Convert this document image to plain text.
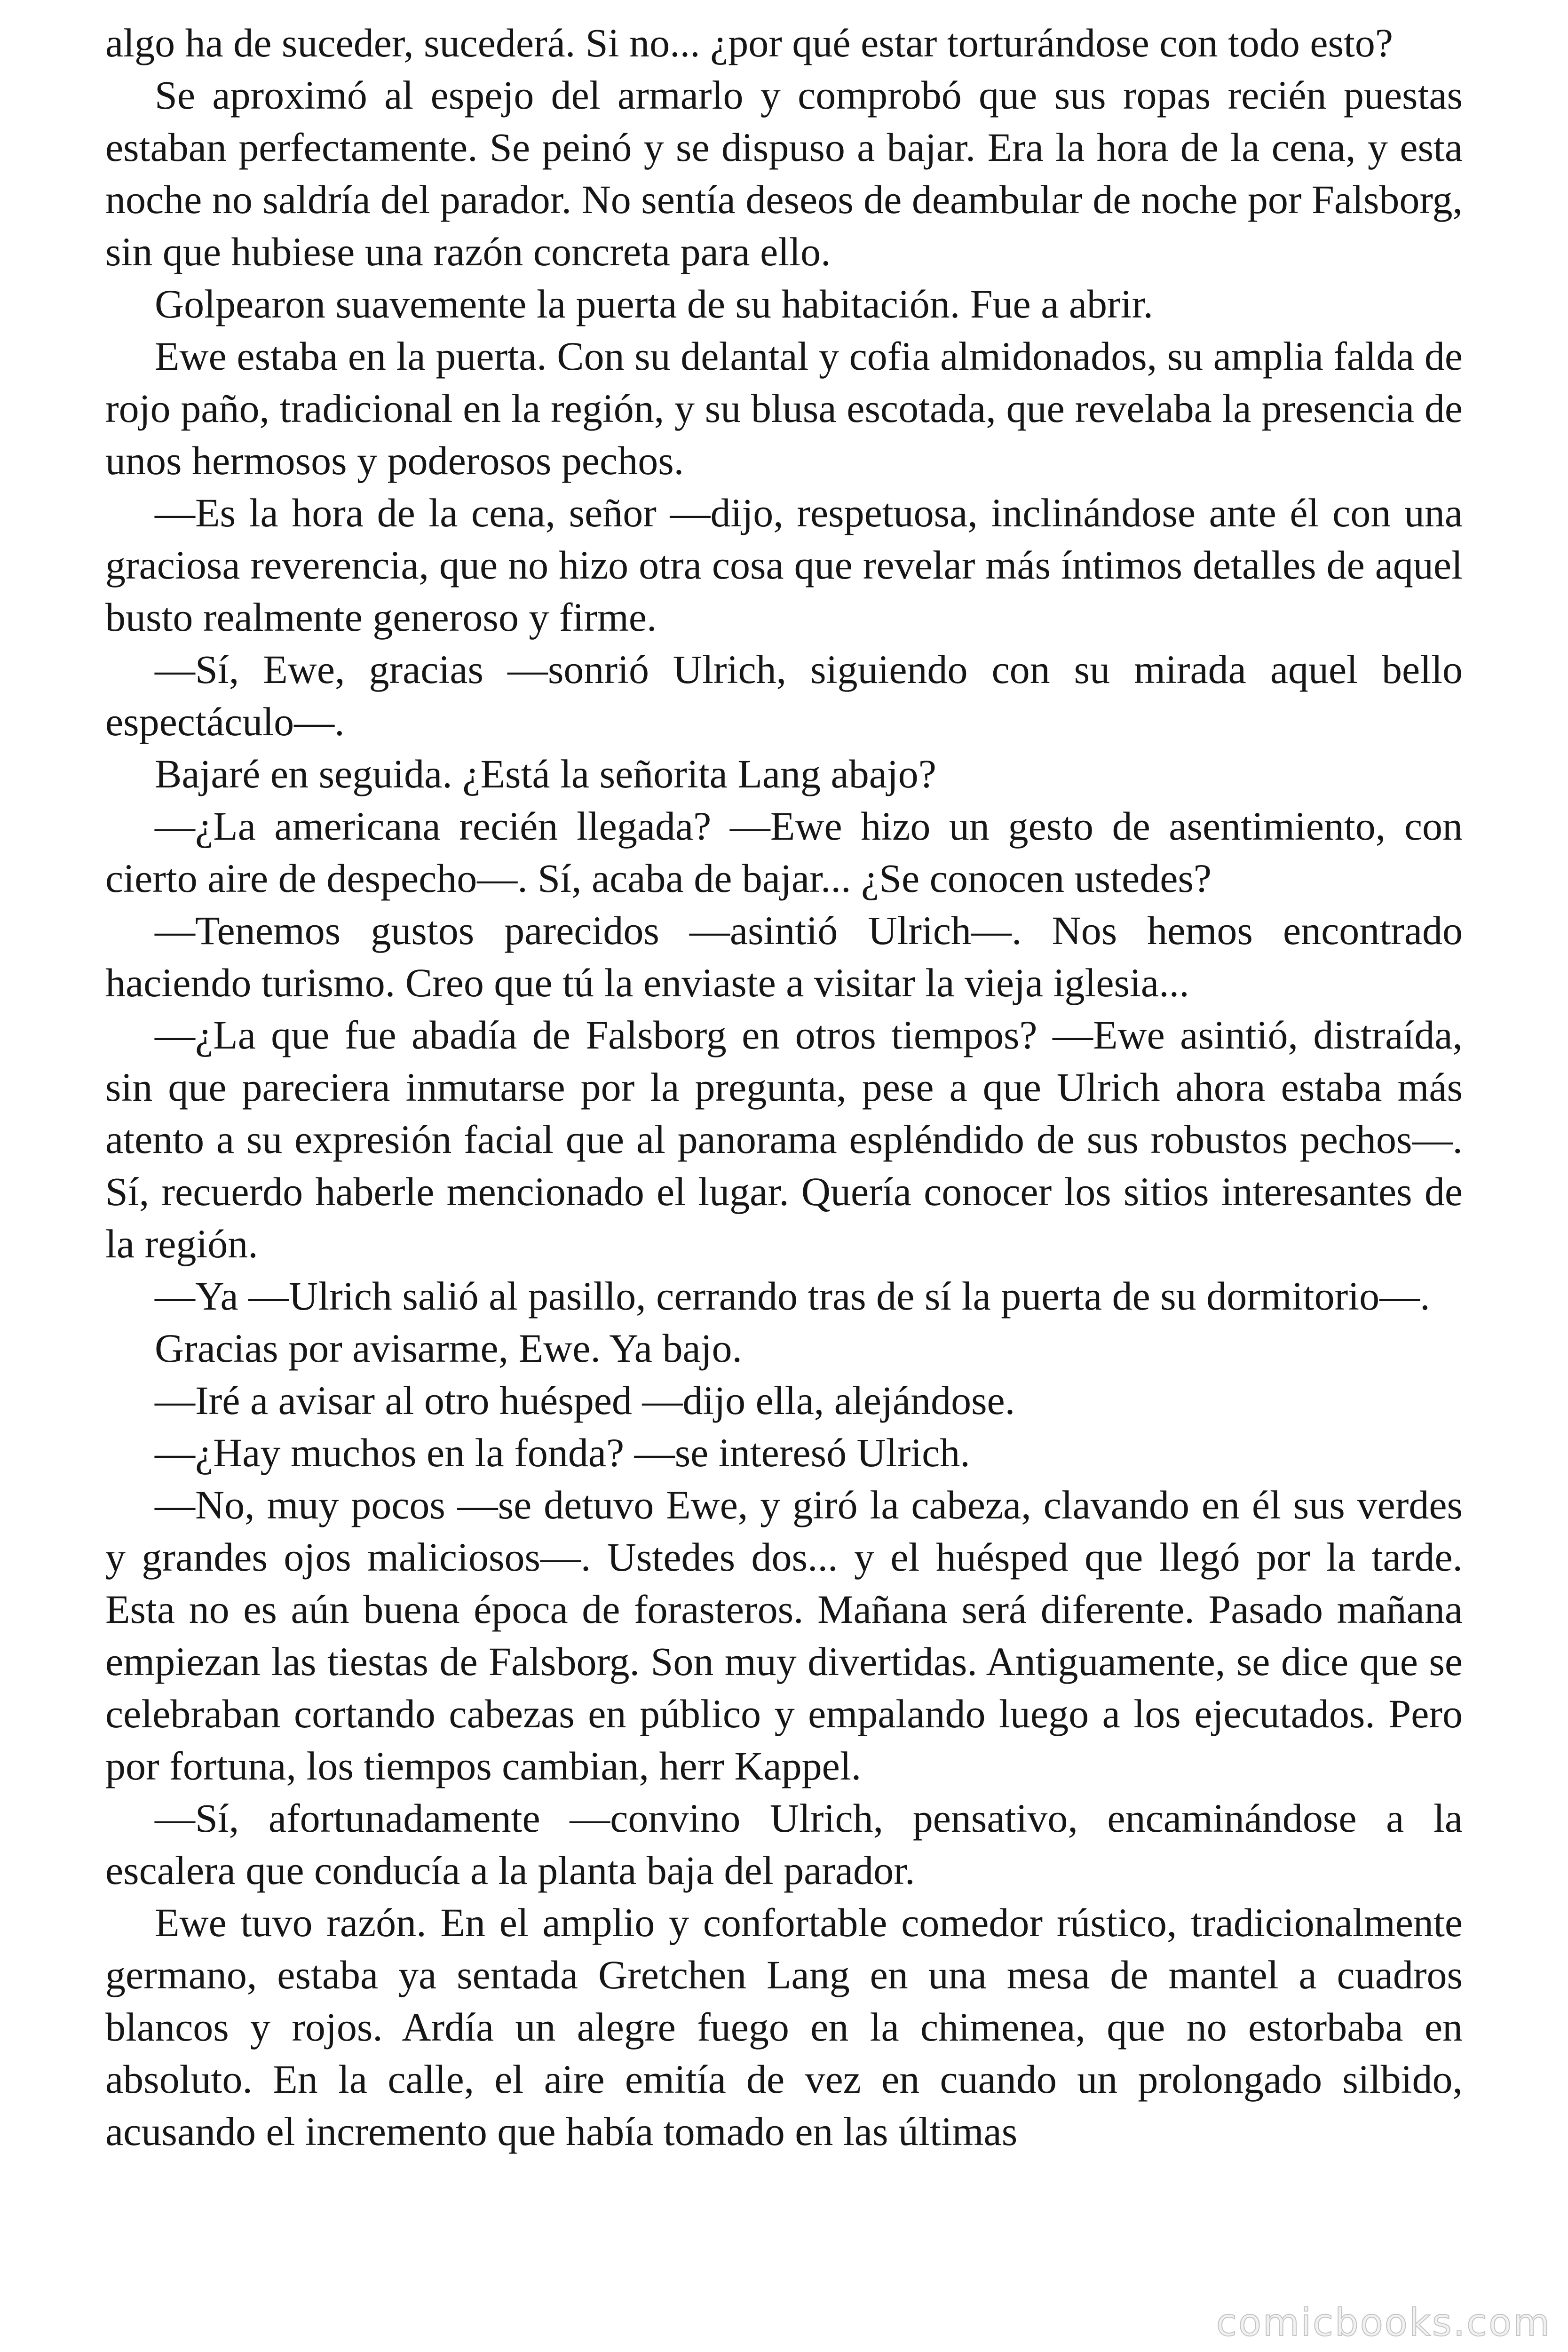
algo ha de suceder, sucederá. Si no... ¿por qué estar torturándose con todo esto?

Se aproximó al espejo del armarlo y comprobó que sus ropas recién puestas estaban perfectamente. Se peinó y se dispuso a bajar. Era la hora de la cena, y esta noche no saldría del parador. No sentía deseos de deambular de noche por Falsborg, sin que hubiese una razón concreta para ello.

Golpearon suavemente la puerta de su habitación. Fue a abrir.

Ewe estaba en la puerta. Con su delantal y cofia almidonados, su amplia falda de rojo paño, tradicional en la región, y su blusa escotada, que revelaba la presencia de unos hermosos y poderosos pechos.

—Es la hora de la cena, señor —dijo, respetuosa, inclinándose ante él con una graciosa reverencia, que no hizo otra cosa que revelar más íntimos detalles de aquel busto realmente generoso y firme.

—Sí, Ewe, gracias —sonrió Ulrich, siguiendo con su mirada aquel bello espectáculo—.

Bajaré en seguida. ¿Está la señorita Lang abajo?

—¿La americana recién llegada? —Ewe hizo un gesto de asentimiento, con cierto aire de despecho—. Sí, acaba de bajar... ¿Se conocen ustedes?

—Tenemos gustos parecidos —asintió Ulrich—. Nos hemos encontrado haciendo turismo. Creo que tú la enviaste a visitar la vieja iglesia...

—¿La que fue abadía de Falsborg en otros tiempos? —Ewe asintió, distraída, sin que pareciera inmutarse por la pregunta, pese a que Ulrich ahora estaba más atento a su expresión facial que al panorama espléndido de sus robustos pechos—. Sí, recuerdo haberle mencionado el lugar. Quería conocer los sitios interesantes de la región.

—Ya —Ulrich salió al pasillo, cerrando tras de sí la puerta de su dormitorio—.

Gracias por avisarme, Ewe. Ya bajo.

—Iré a avisar al otro huésped —dijo ella, alejándose.

—¿Hay muchos en la fonda? —se interesó Ulrich.

—No, muy pocos —se detuvo Ewe, y giró la cabeza, clavando en él sus verdes y grandes ojos maliciosos—. Ustedes dos... y el huésped que llegó por la tarde. Esta no es aún buena época de forasteros. Mañana será diferente. Pasado mañana empiezan las tiestas de Falsborg. Son muy divertidas. Antiguamente, se dice que se celebraban cortando cabezas en público y empalando luego a los ejecutados. Pero por fortuna, los tiempos cambian, herr Kappel.

—Sí, afortunadamente —convino Ulrich, pensativo, encaminándose a la escalera que conducía a la planta baja del parador.

Ewe tuvo razón. En el amplio y confortable comedor rústico, tradicionalmente germano, estaba ya sentada Gretchen Lang en una mesa de mantel a cuadros blancos y rojos. Ardía un alegre fuego en la chimenea, que no estorbaba en absoluto. En la calle, el aire emitía de vez en cuando un prolongado silbido, acusando el incremento que había tomado en las últimas

comicbooks.com
